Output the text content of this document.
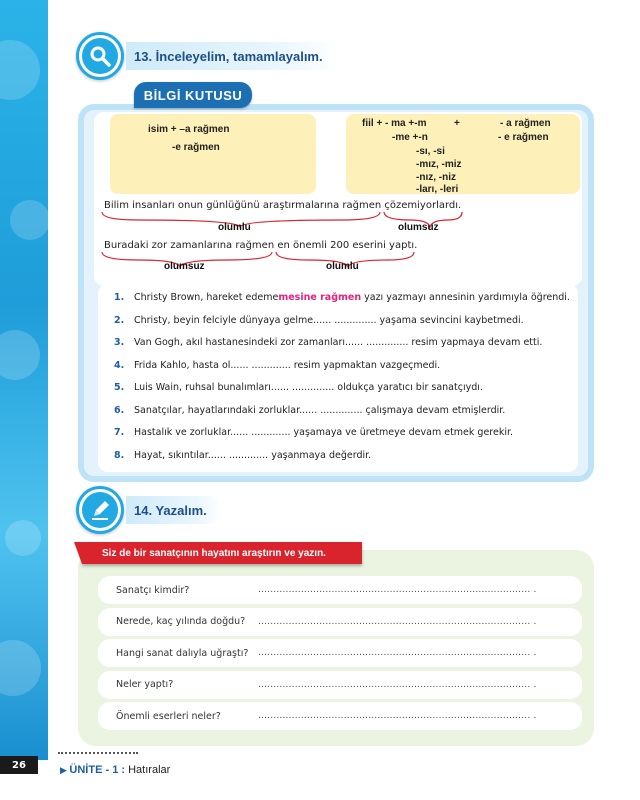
13. İnceleyelim, tamamlayalım.
BİLGİ KUTUSU
isim + –a rağmen
-e rağmen
fiil + - ma +-m
-me +-n
-sı, -si
-mız, -miz
-nız, -niz
-ları, -leri
+	- a rağmen
- e rağmen
Bilim insanları onun günlüğünü araştırmalarına rağmen çözemiyorlardı.
olumlu	olumsuz
Buradaki zor zamanlarına rağmen en önemli 200 eserini yaptı.
olumsuz	olumlu
1.	Christy Brown, hareket edememesine rağmen yazı yazmayı annesinin yardımıyla öğrendi.
2.	Christy, beyin felciyle dünyaya gelme...... .............. yaşama sevincini kaybetmedi.
3.	Van Gogh, akıl hastanesindeki zor zamanları...... .............. resim yapmaya devam etti.
4.	Frida Kahlo, hasta ol...... ............. resim yapmaktan vazgeçmedi.
5.	Luis Wain, ruhsal bunalımları...... .............. oldukça yaratıcı bir sanatçıydı.
6.	Sanatçılar, hayatlarındaki zorluklar...... .............. çalışmaya devam etmişlerdir.
7.	Hastalık ve zorluklar...... ............. yaşamaya ve üretmeye devam etmek gerekir.
8.	Hayat, sıkıntılar...... ............. yaşanmaya değerdir.
14. Yazalım.
Siz de bir sanatçının hayatını araştırın ve yazın.
Sanatçı kimdir?	......................................................................................... .
Nerede, kaç yılında doğdu?	......................................................................................... .
Hangi sanat dalıyla uğraştı?	......................................................................................... .
Neler yaptı?	......................................................................................... .
Önemli eserleri neler?	......................................................................................... .
26	▶ ÜNİTE - 1 : Hatıralar
